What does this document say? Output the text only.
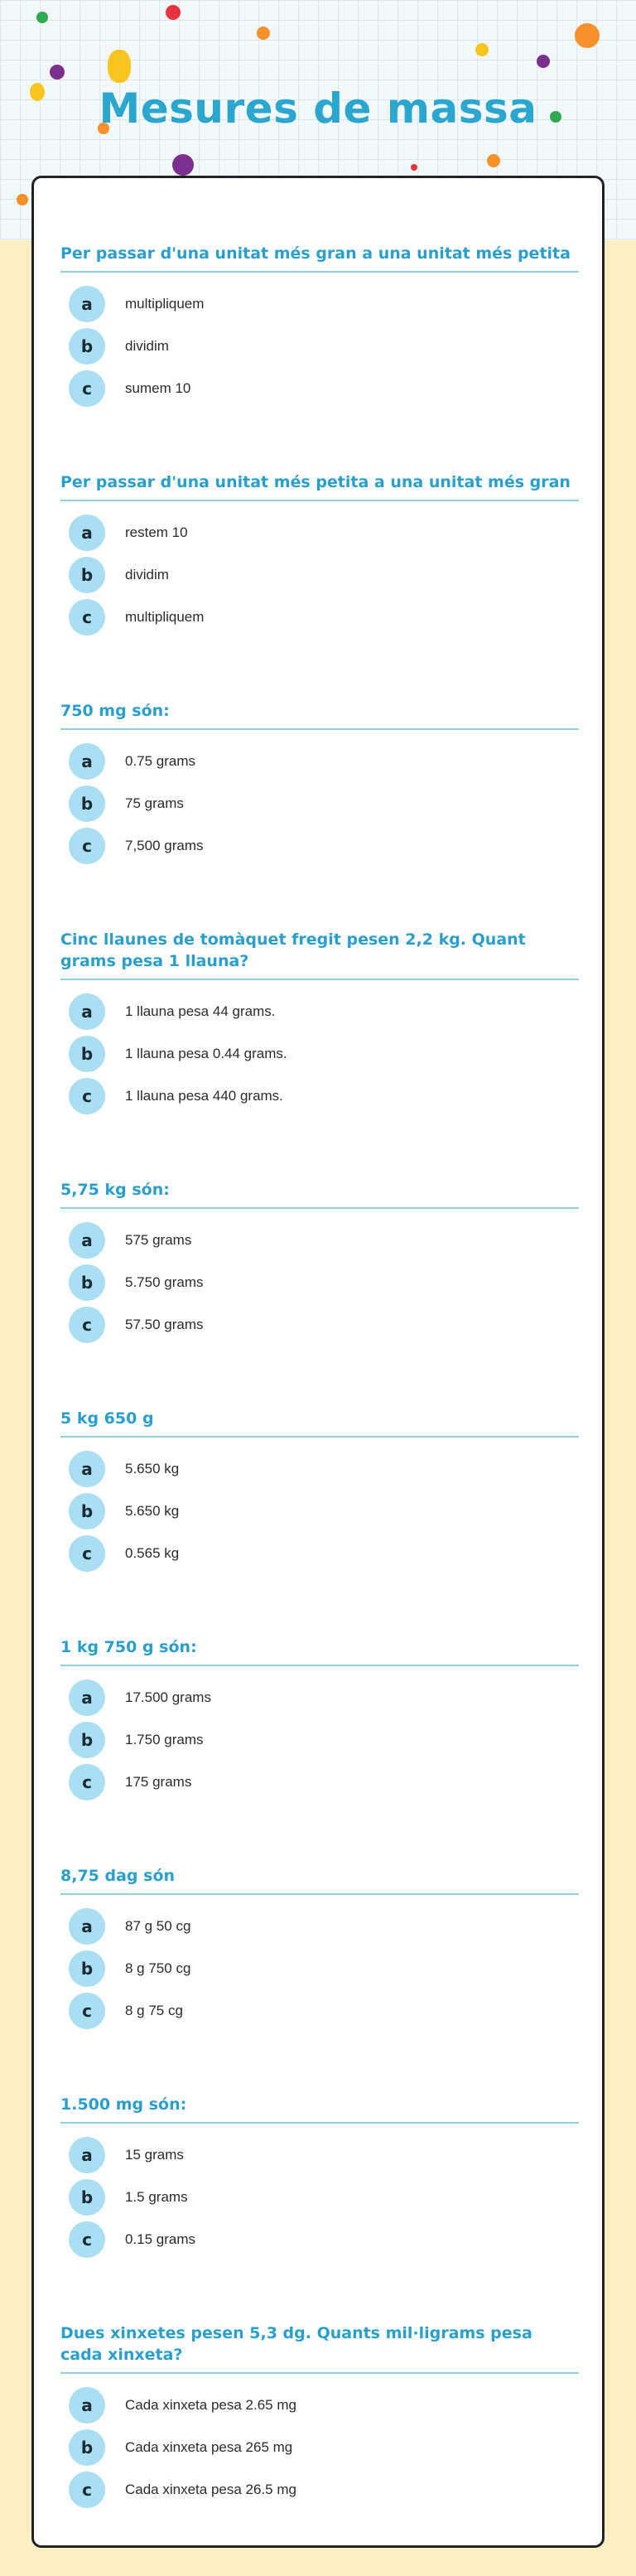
Mesures de massa
Per passar d'una unitat més gran a una unitat més petita
a	multipliquem
b	dividim
c	sumem 10
Per passar d'una unitat més petita a una unitat més gran
a	restem 10
b	dividim
c	multipliquem
750 mg són:
a	0.75 grams
b	75 grams
c	7,500 grams
Cinc llaunes de tomàquet fregit pesen 2,2 kg. Quant grams pesa 1 llauna?
a	1 llauna pesa 44 grams.
b	1 llauna pesa 0.44 grams.
c	1 llauna pesa 440 grams.
5,75 kg són:
a	575 grams
b	5.750 grams
c	57.50 grams
5 kg 650 g
a	5.650 kg
b	5.650 kg
c	0.565 kg
1 kg 750 g són:
a	17.500 grams
b	1.750 grams
c	175 grams
8,75 dag són
a	87 g 50 cg
b	8 g 750 cg
c	8 g 75 cg
1.500 mg són:
a	15 grams
b	1.5 grams
c	0.15 grams
Dues xinxetes pesen 5,3 dg. Quants mil·ligrams pesa cada xinxeta?
a	Cada xinxeta pesa 2.65 mg
b	Cada xinxeta pesa 265 mg
c	Cada xinxeta pesa 26.5 mg
